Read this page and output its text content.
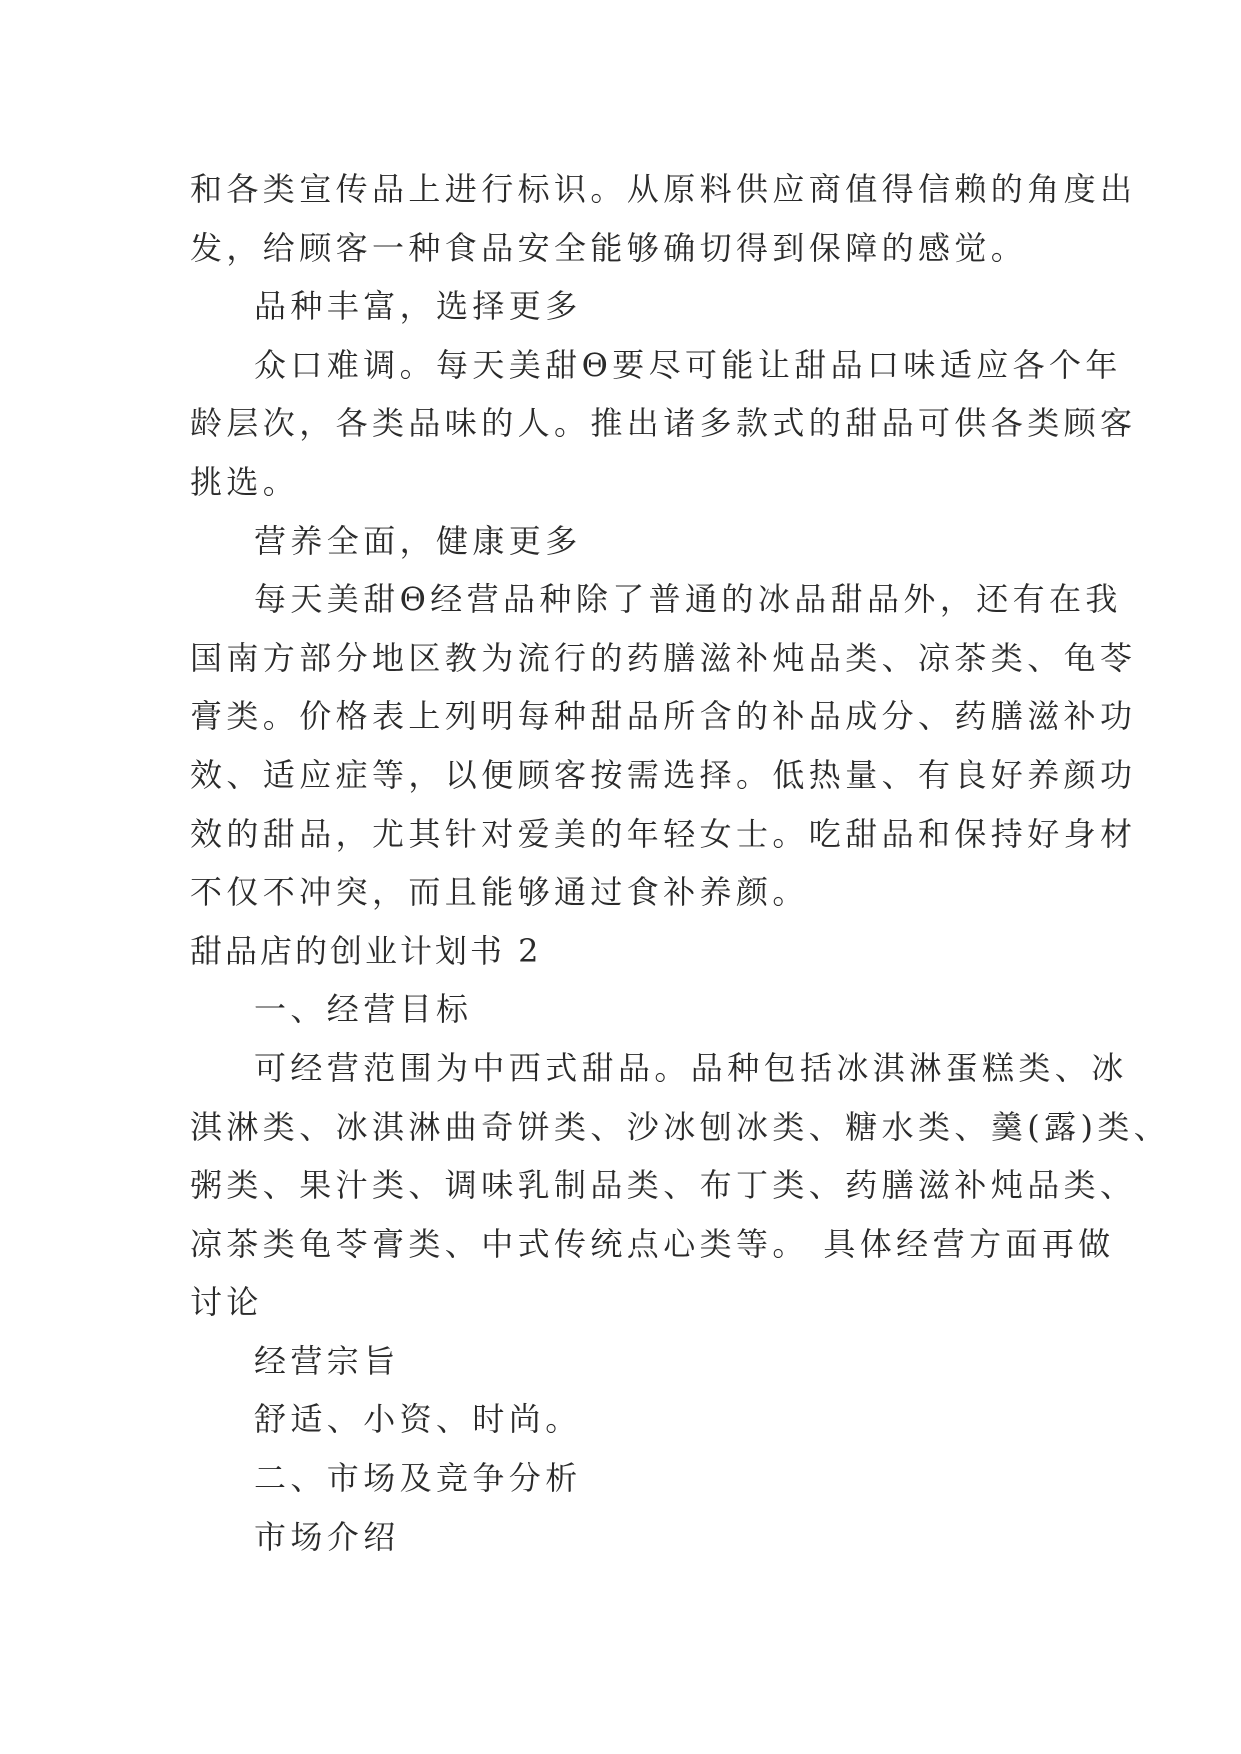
和各类宣传品上进行标识。从原料供应商值得信赖的角度出
发，给顾客一种食品安全能够确切得到保障的感觉。
品种丰富，选择更多
众口难调。每天美甜Θ要尽可能让甜品口味适应各个年
龄层次，各类品味的人。推出诸多款式的甜品可供各类顾客
挑选。
营养全面，健康更多
每天美甜Θ经营品种除了普通的冰品甜品外，还有在我
国南方部分地区教为流行的药膳滋补炖品类、凉茶类、龟苓
膏类。价格表上列明每种甜品所含的补品成分、药膳滋补功
效、适应症等，以便顾客按需选择。低热量、有良好养颜功
效的甜品，尤其针对爱美的年轻女士。吃甜品和保持好身材
不仅不冲突，而且能够通过食补养颜。
甜品店的创业计划书 2
一、经营目标
可经营范围为中西式甜品。品种包括冰淇淋蛋糕类、冰
淇淋类、冰淇淋曲奇饼类、沙冰刨冰类、糖水类、羹(露)类、
粥类、果汁类、调味乳制品类、布丁类、药膳滋补炖品类、
凉茶类龟苓膏类、中式传统点心类等。 具体经营方面再做
讨论
经营宗旨
舒适、小资、时尚。
二、市场及竞争分析
市场介绍
